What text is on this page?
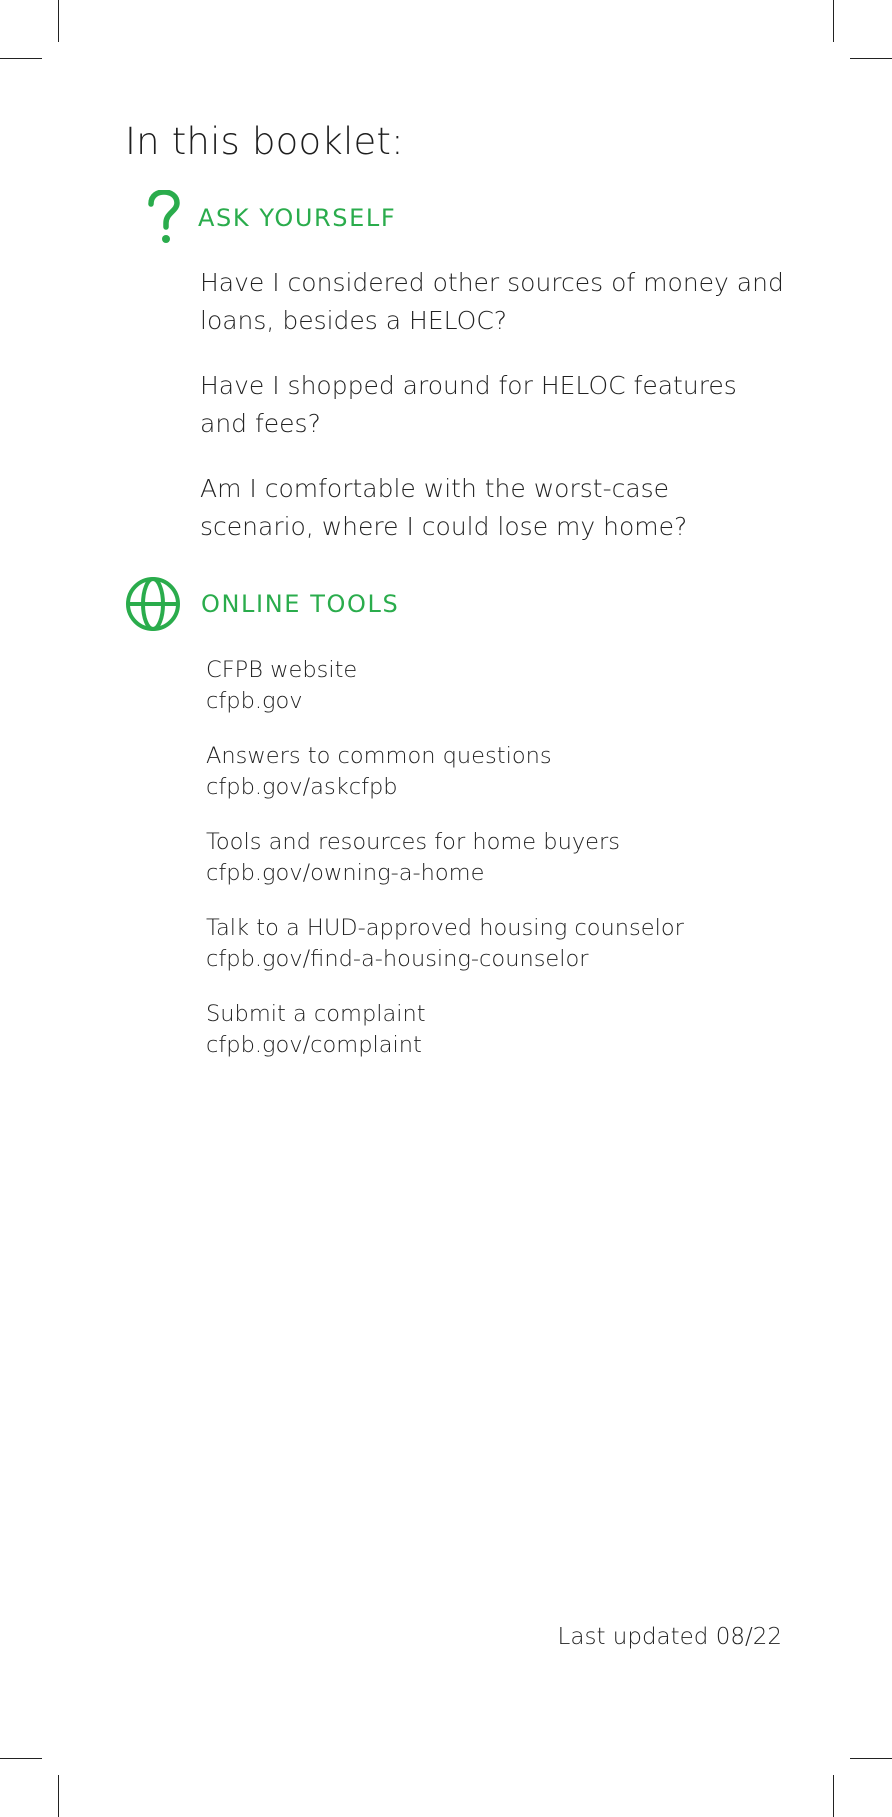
In this booklet:
ASK YOURSELF
Have I considered other sources of money and loans, besides a HELOC?
Have I shopped around for HELOC features and fees?
Am I comfortable with the worst-case scenario, where I could lose my home?
ONLINE TOOLS
CFPB website
cfpb.gov
Answers to common questions
cfpb.gov/askcfpb
Tools and resources for home buyers
cfpb.gov/owning-a-home
Talk to a HUD-approved housing counselor
cfpb.gov/find-a-housing-counselor
Submit a complaint
cfpb.gov/complaint
Last updated 08/22
